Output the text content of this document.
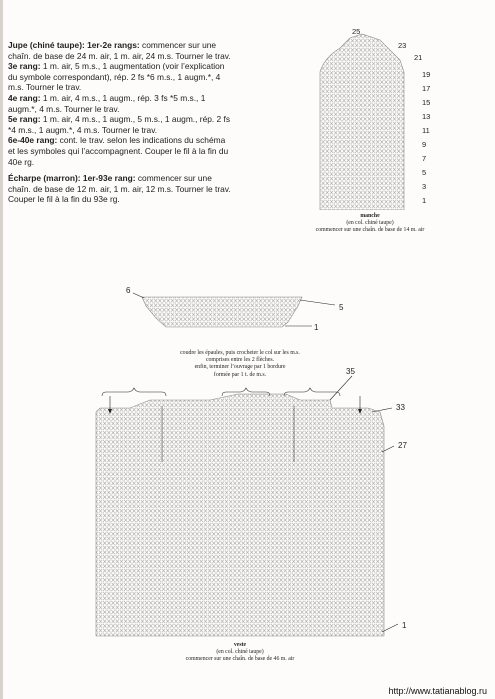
Jupe (chiné taupe): 1er-2e rangs: commencer sur une chaîn. de base de 24 m. air, 1 m. air, 24 m.s. Tourner le trav.

3e rang: 1 m. air, 5 m.s., 1 augmentation (voir l’explication du symbole correspondant), rép. 2 fs *6 m.s., 1 augm.*, 4 m.s. Tourner le trav.

4e rang: 1 m. air, 4 m.s., 1 augm., rép. 3 fs *5 m.s., 1 augm.*, 4 m.s. Tourner le trav.

5e rang: 1 m. air, 4 m.s., 1 augm., 5 m.s., 1 augm., rép. 2 fs *4 m.s., 1 augm.*, 4 m.s. Tourner le trav.

6e-40e rang: cont. le trav. selon les indications du schéma et les symboles qui l’accompagnent. Couper le fil à la fin du 40e rg.

Écharpe (marron): 1er-93e rang: commencer sur une chaîn. de base de 12 m. air, 1 m. air, 12 m.s. Tourner le trav. Couper le fil à la fin du 93e rg.

25
23
21
19
17
15
13
11
9
7
5
3
1
manche
(en col. chiné taupe)
commencer sur une chaîn. de base de 14 m. air
6
5
1
coudre les épaules, puis crocheter le col sur les m.s.
comprises entre les 2 flèches.
enfin, terminer l’ouvrage par 1 bordure
formée par 1 t. de m.s.	35
33
27
1
veste
(en col. chiné taupe)
commencer sur une chaîn. de base de 46 m. air
http://www.tatianablog.ru
